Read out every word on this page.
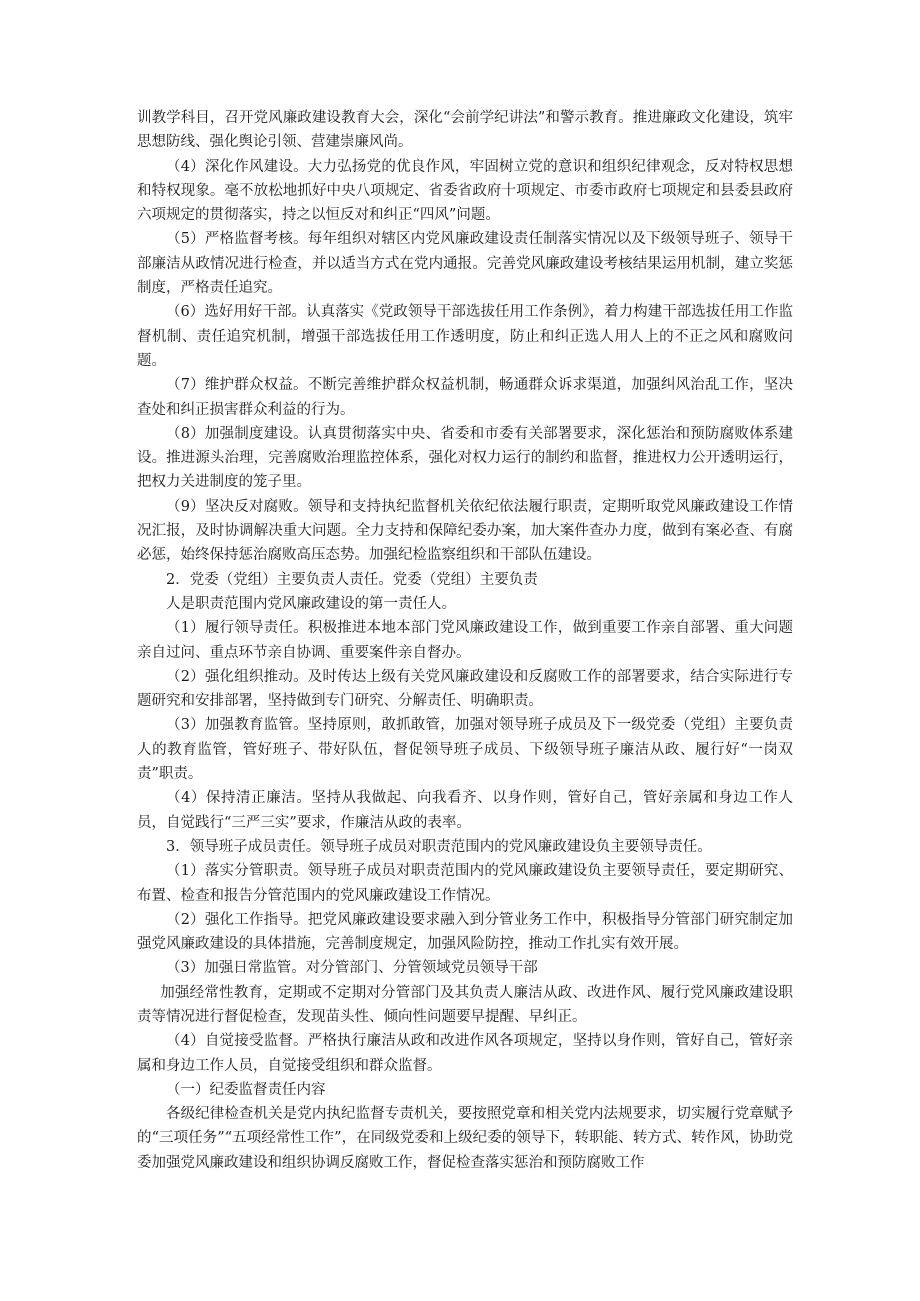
训教学科目，召开党风廉政建设教育大会，深化“会前学纪讲法”和警示教育。推进廉政文化建设，筑牢思想防线、强化舆论引领、营建崇廉风尚。

（4）深化作风建设。大力弘扬党的优良作风，牢固树立党的意识和组织纪律观念，反对特权思想和特权现象。毫不放松地抓好中央八项规定、省委省政府十项规定、市委市政府七项规定和县委县政府六项规定的贯彻落实，持之以恒反对和纠正“四风”问题。

（5）严格监督考核。每年组织对辖区内党风廉政建设责任制落实情况以及下级领导班子、领导干部廉洁从政情况进行检查，并以适当方式在党内通报。完善党风廉政建设考核结果运用机制，建立奖惩制度，严格责任追究。

（6）选好用好干部。认真落实《党政领导干部选拔任用工作条例》，着力构建干部选拔任用工作监督机制、责任追究机制，增强干部选拔任用工作透明度，防止和纠正选人用人上的不正之风和腐败问题。

（7）维护群众权益。不断完善维护群众权益机制，畅通群众诉求渠道，加强纠风治乱工作，坚决查处和纠正损害群众利益的行为。

（8）加强制度建设。认真贯彻落实中央、省委和市委有关部署要求，深化惩治和预防腐败体系建设。推进源头治理，完善腐败治理监控体系，强化对权力运行的制约和监督，推进权力公开透明运行，把权力关进制度的笼子里。

（9）坚决反对腐败。领导和支持执纪监督机关依纪依法履行职责，定期听取党风廉政建设工作情况汇报，及时协调解决重大问题。全力支持和保障纪委办案，加大案件查办力度，做到有案必查、有腐必惩，始终保持惩治腐败高压态势。加强纪检监察组织和干部队伍建设。

2．党委（党组）主要负责人责任。党委（党组）主要负责

人是职责范围内党风廉政建设的第一责任人。

（1）履行领导责任。积极推进本地本部门党风廉政建设工作，做到重要工作亲自部署、重大问题亲自过问、重点环节亲自协调、重要案件亲自督办。

（2）强化组织推动。及时传达上级有关党风廉政建设和反腐败工作的部署要求，结合实际进行专题研究和安排部署，坚持做到专门研究、分解责任、明确职责。

（3）加强教育监管。坚持原则，敢抓敢管，加强对领导班子成员及下一级党委（党组）主要负责人的教育监管，管好班子、带好队伍，督促领导班子成员、下级领导班子廉洁从政、履行好“一岗双责”职责。

（4）保持清正廉洁。坚持从我做起、向我看齐、以身作则，管好自己，管好亲属和身边工作人员，自觉践行“三严三实”要求，作廉洁从政的表率。

3．领导班子成员责任。领导班子成员对职责范围内的党风廉政建设负主要领导责任。

（1）落实分管职责。领导班子成员对职责范围内的党风廉政建设负主要领导责任，要定期研究、布置、检查和报告分管范围内的党风廉政建设工作情况。

（2）强化工作指导。把党风廉政建设要求融入到分管业务工作中，积极指导分管部门研究制定加强党风廉政建设的具体措施，完善制度规定，加强风险防控，推动工作扎实有效开展。

（3）加强日常监管。对分管部门、分管领域党员领导干部

加强经常性教育，定期或不定期对分管部门及其负责人廉洁从政、改进作风、履行党风廉政建设职责等情况进行督促检查，发现苗头性、倾向性问题要早提醒、早纠正。

（4）自觉接受监督。严格执行廉洁从政和改进作风各项规定，坚持以身作则，管好自己，管好亲属和身边工作人员，自觉接受组织和群众监督。

（一）纪委监督责任内容

各级纪律检查机关是党内执纪监督专责机关，要按照党章和相关党内法规要求，切实履行党章赋予的“三项任务”“五项经常性工作”，在同级党委和上级纪委的领导下，转职能、转方式、转作风，协助党委加强党风廉政建设和组织协调反腐败工作，督促检查落实惩治和预防腐败工作
